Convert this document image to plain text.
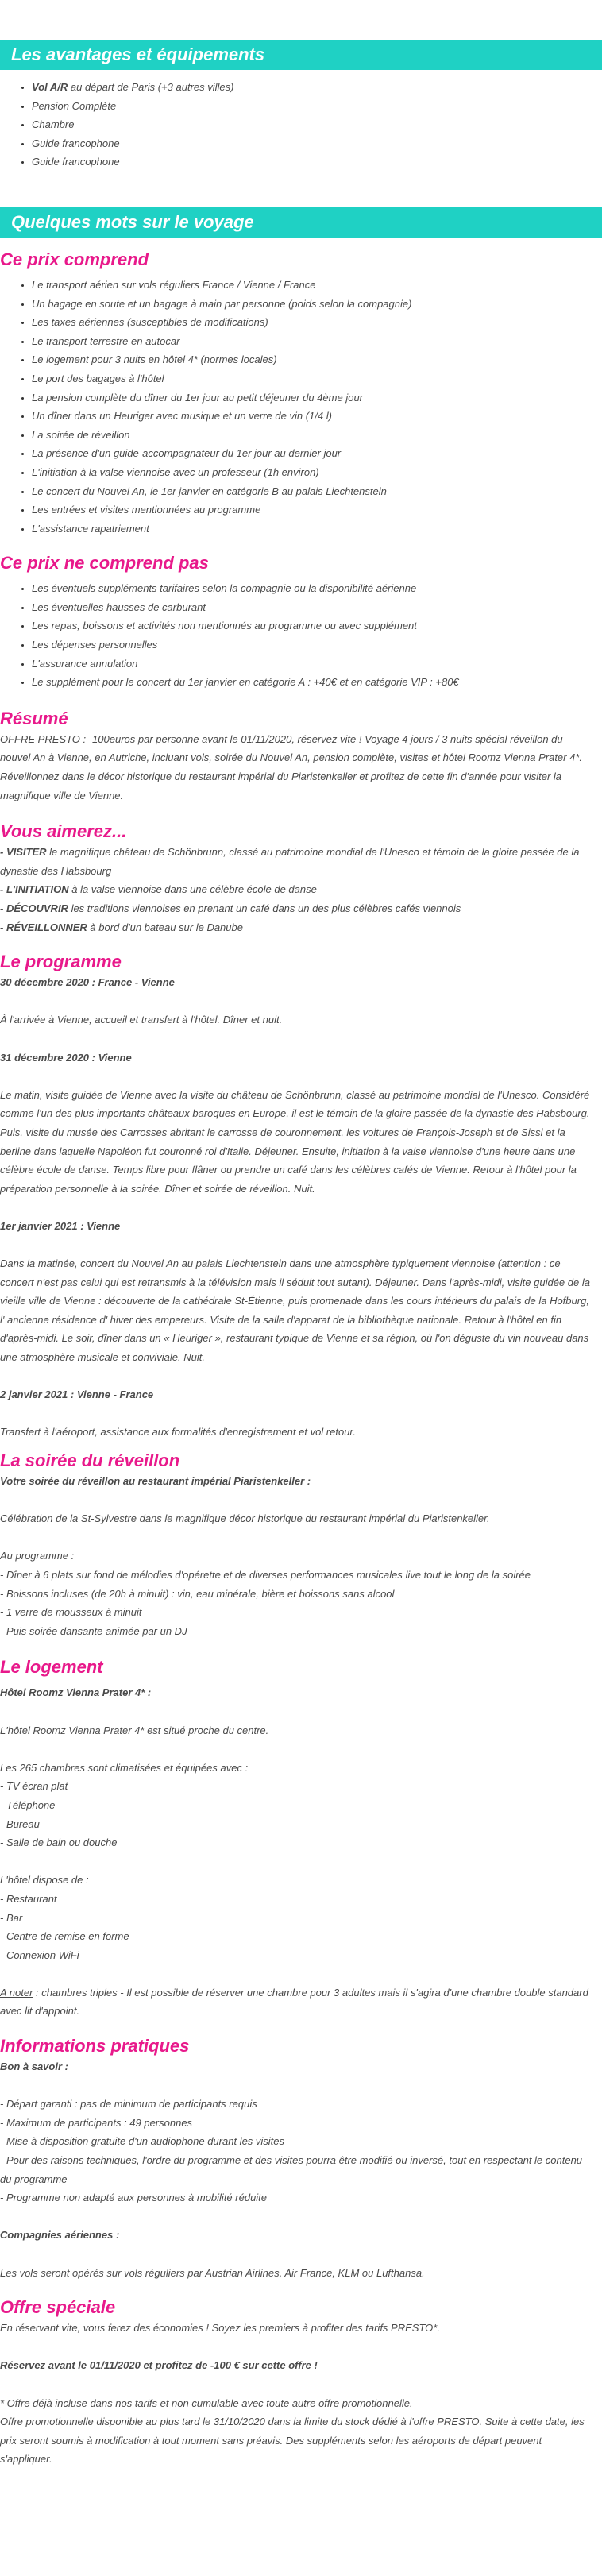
Les avantages et équipements
• Vol A/R au départ de Paris (+3 autres villes)
• Pension Complète
• Chambre
• Guide francophone
• Guide francophone
Quelques mots sur le voyage
Ce prix comprend
• Le transport aérien sur vols réguliers France / Vienne / France
• Un bagage en soute et un bagage à main par personne (poids selon la compagnie)
• Les taxes aériennes (susceptibles de modifications)
• Le transport terrestre en autocar
• Le logement pour 3 nuits en hôtel 4* (normes locales)
• Le port des bagages à l'hôtel
• La pension complète du dîner du 1er jour au petit déjeuner du 4ème jour
• Un dîner dans un Heuriger avec musique et un verre de vin (1/4 l)
• La soirée de réveillon
• La présence d'un guide-accompagnateur du 1er jour au dernier jour
• L'initiation à la valse viennoise avec un professeur (1h environ)
• Le concert du Nouvel An, le 1er janvier en catégorie B au palais Liechtenstein
• Les entrées et visites mentionnées au programme
• L'assistance rapatriement
Ce prix ne comprend pas
• Les éventuels suppléments tarifaires selon la compagnie ou la disponibilité aérienne
• Les éventuelles hausses de carburant
• Les repas, boissons et activités non mentionnés au programme ou avec supplément
• Les dépenses personnelles
• L'assurance annulation
• Le supplément pour le concert du 1er janvier en catégorie A : +40€ et en catégorie VIP : +80€
Résumé

OFFRE PRESTO : -100euros par personne avant le 01/11/2020, réservez vite ! Voyage 4 jours / 3 nuits spécial réveillon du nouvel An à Vienne, en Autriche, incluant vols, soirée du Nouvel An, pension complète, visites et hôtel Roomz Vienna Prater 4*. Réveillonnez dans le décor historique du restaurant impérial du Piaristenkeller et profitez de cette fin d'année pour visiter la magnifique ville de Vienne.

Vous aimerez...

- VISITER le magnifique château de Schönbrunn, classé au patrimoine mondial de l'Unesco et témoin de la gloire passée de la dynastie des Habsbourg

- L'INITIATION à la valse viennoise dans une célèbre école de danse

- DÉCOUVRIR les traditions viennoises en prenant un café dans un des plus célèbres cafés viennois

- RÉVEILLONNER à bord d'un bateau sur le Danube

Le programme

30 décembre 2020 : France - Vienne

À l'arrivée à Vienne, accueil et transfert à l'hôtel. Dîner et nuit.

31 décembre 2020 : Vienne

Le matin, visite guidée de Vienne avec la visite du château de Schönbrunn, classé au patrimoine mondial de l'Unesco. Considéré comme l'un des plus importants châteaux baroques en Europe, il est le témoin de la gloire passée de la dynastie des Habsbourg. Puis, visite du musée des Carrosses abritant le carrosse de couronnement, les voitures de François-Joseph et de Sissi et la berline dans laquelle Napoléon fut couronné roi d'Italie. Déjeuner. Ensuite, initiation à la valse viennoise d'une heure dans une célèbre école de danse. Temps libre pour flâner ou prendre un café dans les célèbres cafés de Vienne. Retour à l'hôtel pour la préparation personnelle à la soirée. Dîner et soirée de réveillon. Nuit.

1er janvier 2021 : Vienne

Dans la matinée, concert du Nouvel An au palais Liechtenstein dans une atmosphère typiquement viennoise (attention : ce concert n'est pas celui qui est retransmis à la télévision mais il séduit tout autant). Déjeuner. Dans l'après-midi, visite guidée de la vieille ville de Vienne : découverte de la cathédrale St-Étienne, puis promenade dans les cours intérieurs du palais de la Hofburg, l' ancienne résidence d' hiver des empereurs. Visite de la salle d'apparat de la bibliothèque nationale. Retour à l'hôtel en fin d'après-midi. Le soir, dîner dans un « Heuriger », restaurant typique de Vienne et sa région, où l'on déguste du vin nouveau dans une atmosphère musicale et conviviale. Nuit.

2 janvier 2021 : Vienne - France

Transfert à l'aéroport, assistance aux formalités d'enregistrement et vol retour.

La soirée du réveillon

Votre soirée du réveillon au restaurant impérial Piaristenkeller :

Célébration de la St-Sylvestre dans le magnifique décor historique du restaurant impérial du Piaristenkeller.

Au programme :

- Dîner à 6 plats sur fond de mélodies d'opérette et de diverses performances musicales live tout le long de la soirée

- Boissons incluses (de 20h à minuit) : vin, eau minérale, bière et boissons sans alcool

- 1 verre de mousseux à minuit

- Puis soirée dansante animée par un DJ

Le logement

Hôtel Roomz Vienna Prater 4* :

L'hôtel Roomz Vienna Prater 4* est situé proche du centre.

Les 265 chambres sont climatisées et équipées avec :

- TV écran plat

- Téléphone

- Bureau

- Salle de bain ou douche

L'hôtel dispose de :

- Restaurant

- Bar

- Centre de remise en forme

- Connexion WiFi

A noter : chambres triples - Il est possible de réserver une chambre pour 3 adultes mais il s'agira d'une chambre double standard avec lit d'appoint.

Informations pratiques

Bon à savoir :

- Départ garanti : pas de minimum de participants requis

- Maximum de participants : 49 personnes

- Mise à disposition gratuite d'un audiophone durant les visites

- Pour des raisons techniques, l'ordre du programme et des visites pourra être modifié ou inversé, tout en respectant le contenu du programme

- Programme non adapté aux personnes à mobilité réduite

Compagnies aériennes :

Les vols seront opérés sur vols réguliers par Austrian Airlines, Air France, KLM ou Lufthansa.

Offre spéciale

En réservant vite, vous ferez des économies ! Soyez les premiers à profiter des tarifs PRESTO*.

Réservez avant le 01/11/2020 et profitez de -100 € sur cette offre !

* Offre déjà incluse dans nos tarifs et non cumulable avec toute autre offre promotionnelle.

Offre promotionnelle disponible au plus tard le 31/10/2020 dans la limite du stock dédié à l'offre PRESTO. Suite à cette date, les prix seront soumis à modification à tout moment sans préavis. Des suppléments selon les aéroports de départ peuvent s'appliquer.
